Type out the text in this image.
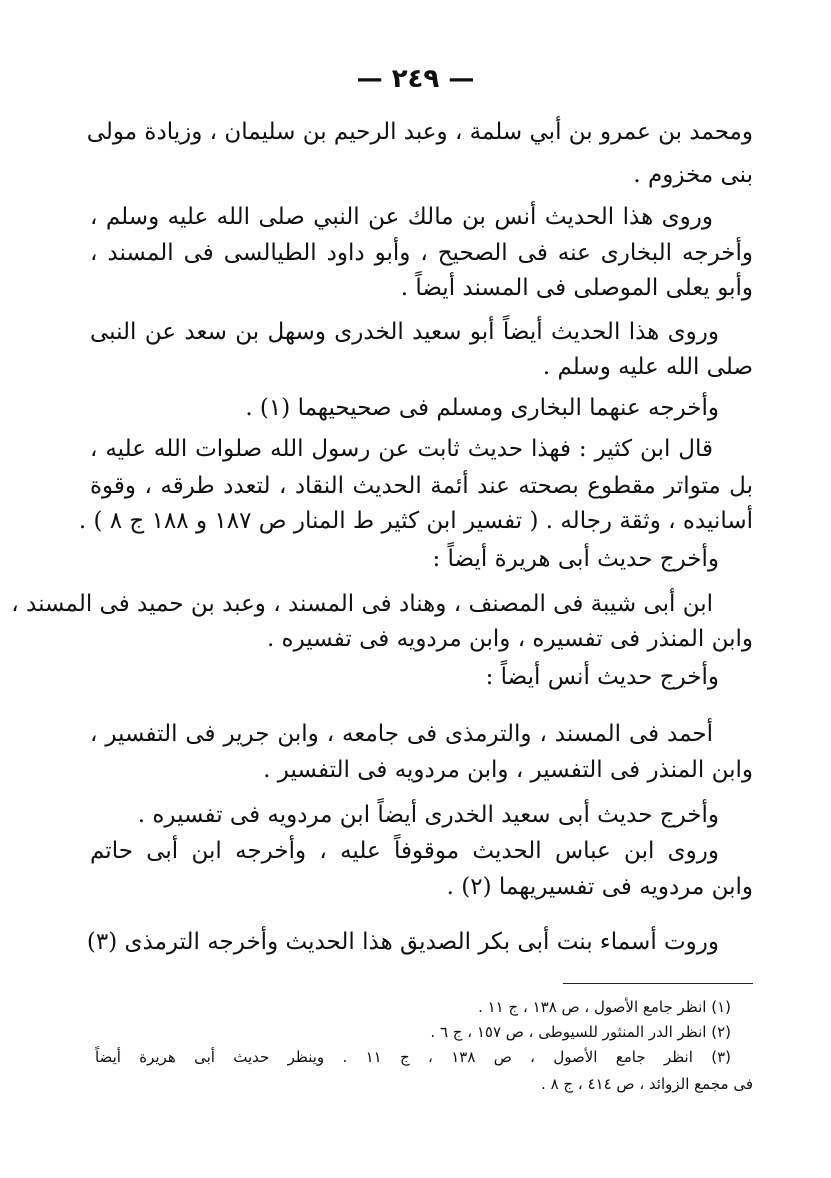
— ٢٤٩ —
ومحمد بن عمرو بن أبي سلمة ، وعبد الرحيم بن سليمان ، وزيادة مولى
بنى مخزوم .
وروى هذا الحديث أنس بن مالك عن النبي صلى الله عليه وسلم ،
وأخرجه البخارى عنه فى الصحيح ، وأبو داود الطيالسى فى المسند ،
وأبو يعلى الموصلى فى المسند أيضاً .
وروى هذا الحديث أيضاً أبو سعيد الخدرى وسهل بن سعد عن النبى
صلى الله عليه وسلم .
وأخرجه عنهما البخارى ومسلم فى صحيحيهما (١) .
قال ابن كثير : فهذا حديث ثابت عن رسول الله صلوات الله عليه ،
بل متواتر مقطوع بصحته عند أئمة الحديث النقاد ، لتعدد طرقه ، وقوة
أسانيده ، وثقة رجاله . ( تفسير ابن كثير ط المنار ص ١٨٧ و ١٨٨ ج ٨ ) .
وأخرج حديث أبى هريرة أيضاً :
ابن أبى شيبة فى المصنف ، وهناد فى المسند ، وعبد بن حميد فى المسند ،
وابن المنذر فى تفسيره ، وابن مردويه فى تفسيره .
وأخرج حديث أنس أيضاً :
أحمد فى المسند ، والترمذى فى جامعه ، وابن جرير فى التفسير ،
وابن المنذر فى التفسير ، وابن مردويه فى التفسير .
وأخرج حديث أبى سعيد الخدرى أيضاً ابن مردويه فى تفسيره .
وروى ابن عباس الحديث موقوفاً عليه ، وأخرجه ابن أبى حاتم
وابن مردويه فى تفسيريهما (٢) .
وروت أسماء بنت أبى بكر الصديق هذا الحديث وأخرجه الترمذى (٣)
(١) انظر جامع الأصول ، ص ١٣٨ ، ج ١١ .
(٢) انظر الدر المنثور للسيوطى ، ص ١٥٧ ، ج ٦ .
(٣) انظر جامع الأصول ، ص ١٣٨ ، ج ١١ . وينظر حديث أبى هريرة أيضاً
فى مجمع الزوائد ، ص ٤١٤ ، ج ٨ .
